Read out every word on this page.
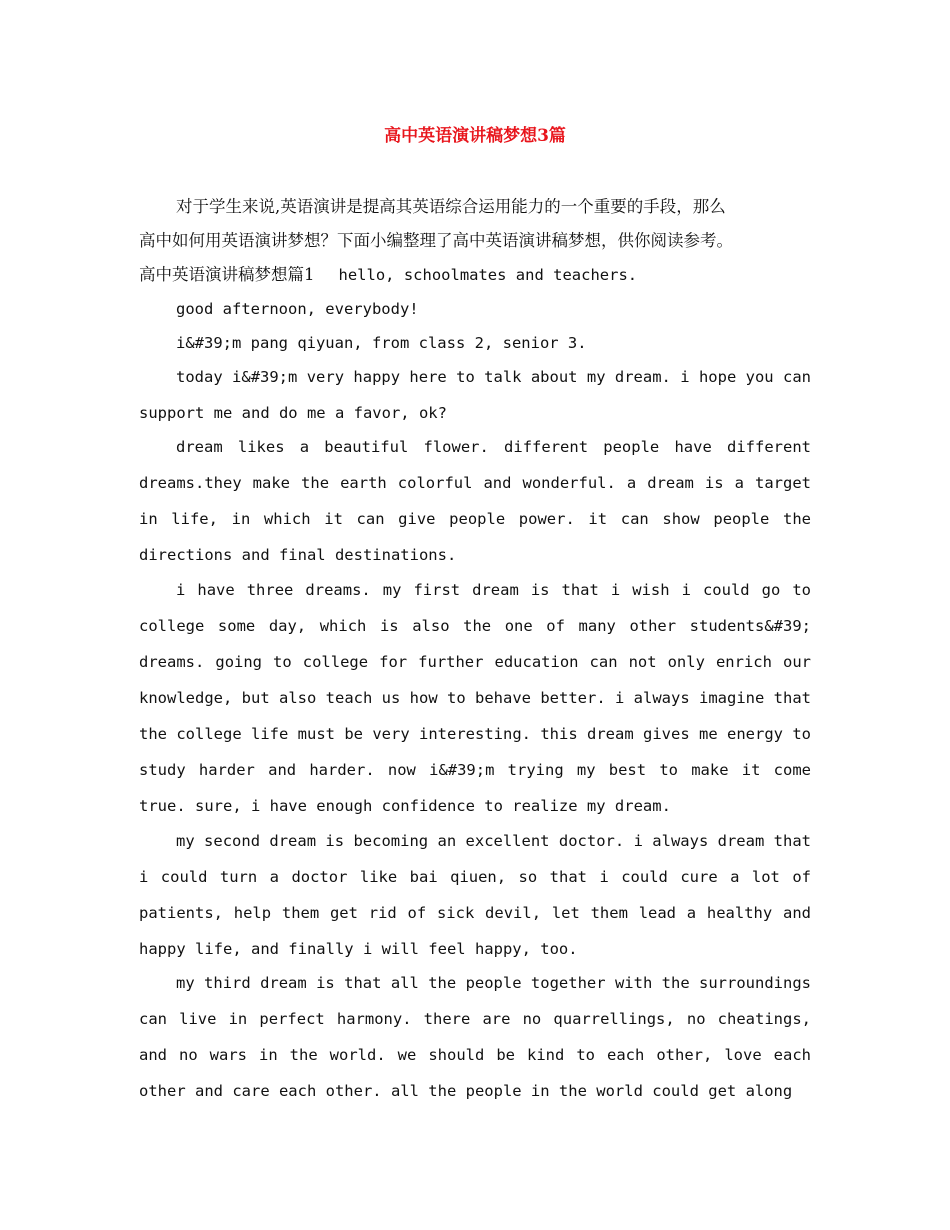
高中英语演讲稿梦想3篇
对于学生来说,英语演讲是提高其英语综合运用能力的一个重要的手段，那么
高中如何用英语演讲梦想？下面小编整理了高中英语演讲稿梦想，供你阅读参考。
高中英语演讲稿梦想篇1 hello, schoolmates and teachers.
good afternoon, everybody!
i&#39;m pang qiyuan, from class 2, senior 3.
today i&#39;m very happy here to talk about my dream. i hope you can support me and do me a favor, ok?
dream likes a beautiful flower. different people have different dreams.they make the earth colorful and wonderful. a dream is a target in life, in which it can give people power. it can show people the directions and final destinations.
i have three dreams. my first dream is that i wish i could go to college some day, which is also the one of many other students&#39; dreams. going to college for further education can not only enrich our knowledge, but also teach us how to behave better. i always imagine that the college life must be very interesting. this dream gives me energy to study harder and harder. now i&#39;m trying my best to make it come true. sure, i have enough confidence to realize my dream.
my second dream is becoming an excellent doctor. i always dream that i could turn a doctor like bai qiuen, so that i could cure a lot of patients, help them get rid of sick devil, let them lead a healthy and happy life, and finally i will feel happy, too.
my third dream is that all the people together with the surroundings can live in perfect harmony. there are no quarrellings, no cheatings, and no wars in the world. we should be kind to each other, love each other and care each other. all the people in the world could get along
